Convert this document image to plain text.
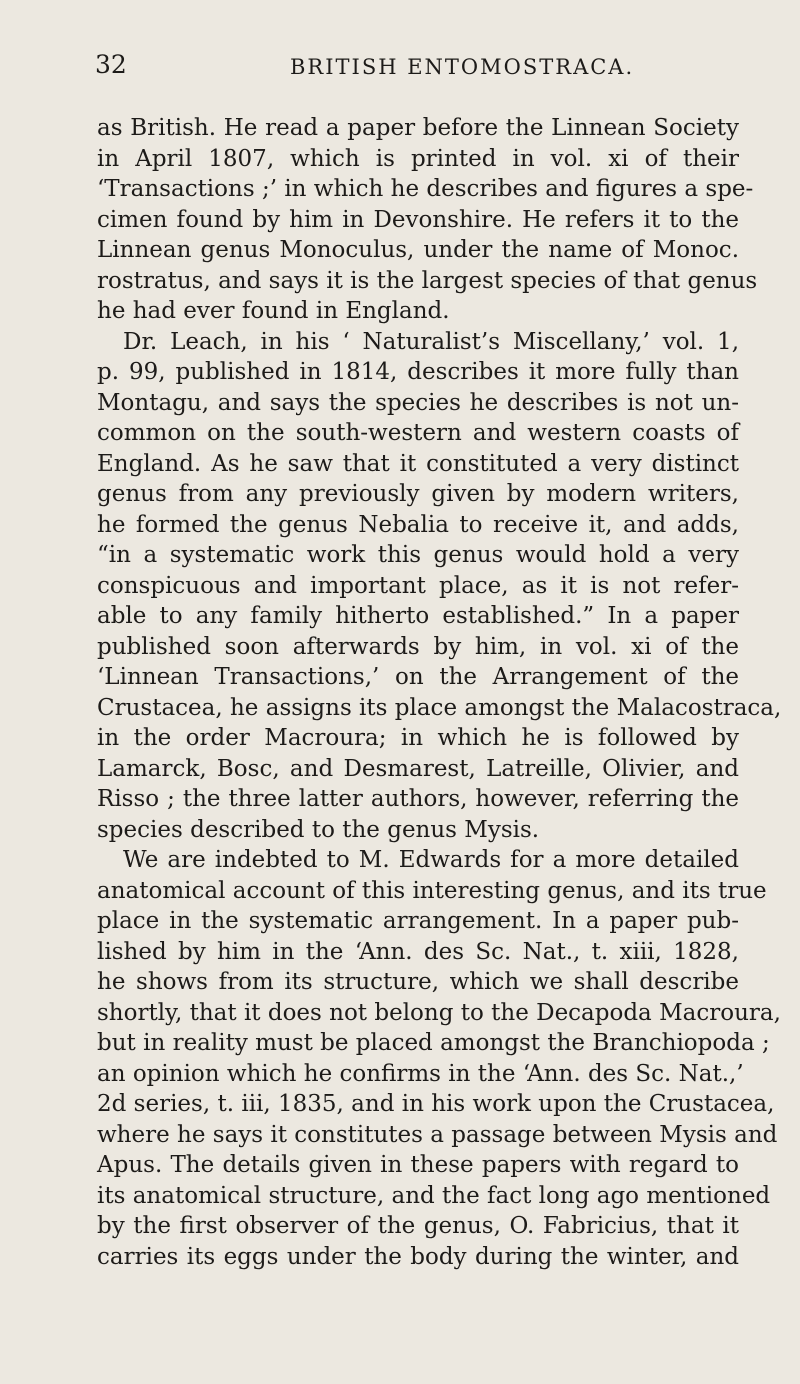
32	BRITISH ENTOMOSTRACA.
as British. He read a paper before the Linnean Society
in April 1807, which is printed in vol. xi of their
‘Transactions ;’ in which he describes and figures a spe-
cimen found by him in Devonshire. He refers it to the
Linnean genus Monoculus, under the name of Monoc.
rostratus, and says it is the largest species of that genus
he had ever found in England.
Dr. Leach, in his ‘ Naturalist’s Miscellany,’ vol. 1,
p. 99, published in 1814, describes it more fully than
Montagu, and says the species he describes is not un-
common on the south-western and western coasts of
England. As he saw that it constituted a very distinct
genus from any previously given by modern writers,
he formed the genus Nebalia to receive it, and adds,
“in a systematic work this genus would hold a very
conspicuous and important place, as it is not refer-
able to any family hitherto established.” In a paper
published soon afterwards by him, in vol. xi of the
‘Linnean Transactions,’ on the Arrangement of the
Crustacea, he assigns its place amongst the Malacostraca,
in the order Macroura; in which he is followed by
Lamarck, Bosc, and Desmarest, Latreille, Olivier, and
Risso ; the three latter authors, however, referring the
species described to the genus Mysis.
We are indebted to M. Edwards for a more detailed
anatomical account of this interesting genus, and its true
place in the systematic arrangement. In a paper pub-
lished by him in the ‘Ann. des Sc. Nat., t. xiii, 1828,
he shows from its structure, which we shall describe
shortly, that it does not belong to the Decapoda Macroura,
but in reality must be placed amongst the Branchiopoda ;
an opinion which he confirms in the ‘Ann. des Sc. Nat.,’
2d series, t. iii, 1835, and in his work upon the Crustacea,
where he says it constitutes a passage between Mysis and
Apus. The details given in these papers with regard to
its anatomical structure, and the fact long ago mentioned
by the first observer of the genus, O. Fabricius, that it
carries its eggs under the body during the winter, and
